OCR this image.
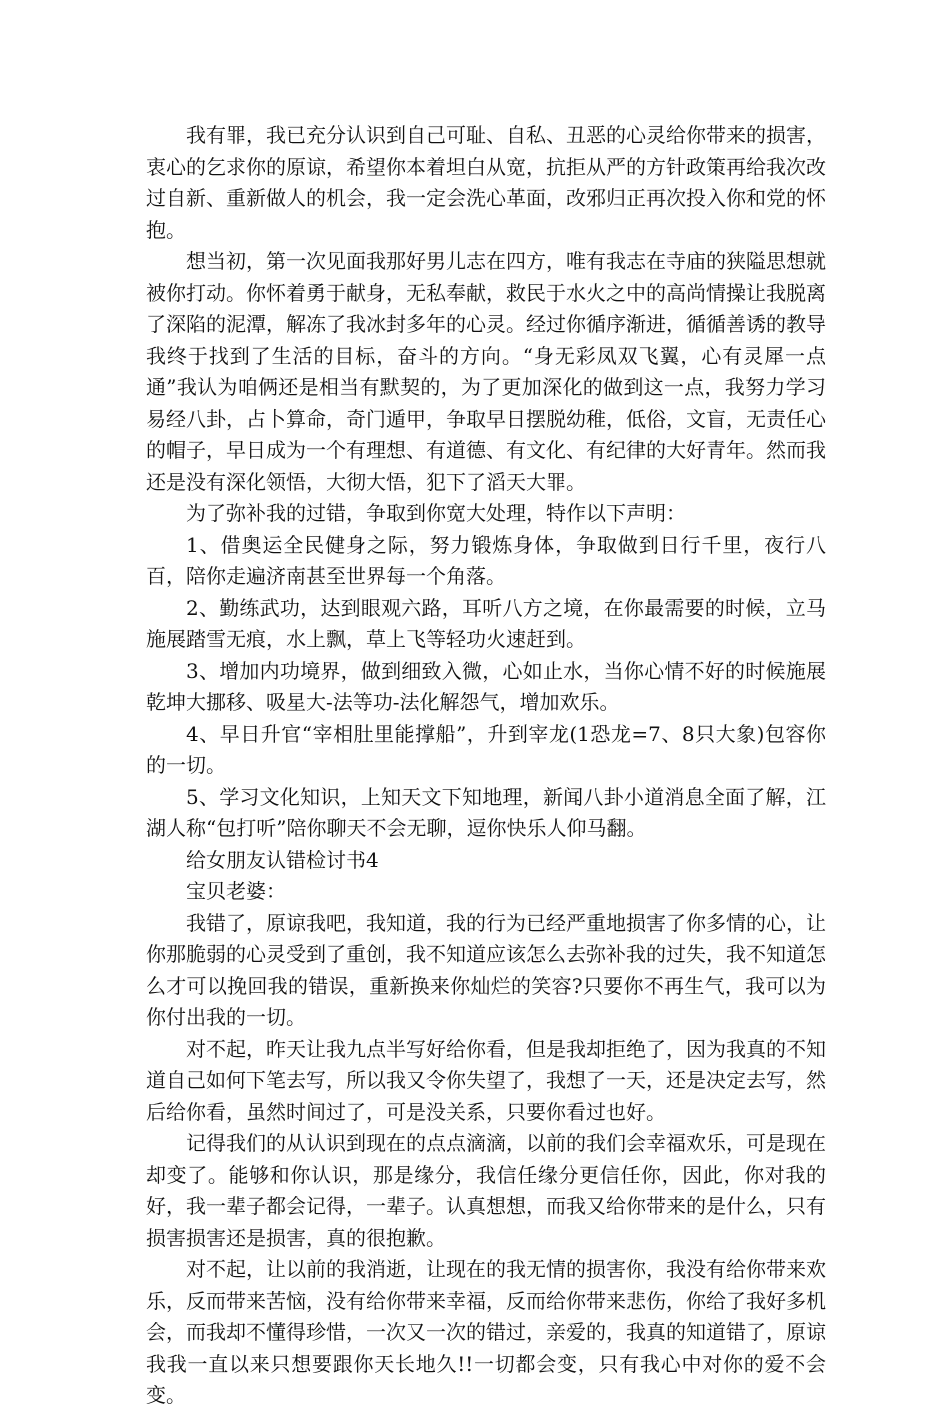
我有罪，我已充分认识到自己可耻、自私、丑恶的心灵给你带来的损害，衷心的乞求你的原谅，希望你本着坦白从宽，抗拒从严的方针政策再给我次改过自新、重新做人的机会，我一定会洗心革面，改邪归正再次投入你和党的怀抱。

想当初，第一次见面我那好男儿志在四方，唯有我志在寺庙的狭隘思想就被你打动。你怀着勇于献身，无私奉献，救民于水火之中的高尚情操让我脱离了深陷的泥潭，解冻了我冰封多年的心灵。经过你循序渐进，循循善诱的教导我终于找到了生活的目标，奋斗的方向。“身无彩凤双飞翼，心有灵犀一点通”我认为咱俩还是相当有默契的，为了更加深化的做到这一点，我努力学习易经八卦，占卜算命，奇门遁甲，争取早日摆脱幼稚，低俗，文盲，无责任心的帽子，早日成为一个有理想、有道德、有文化、有纪律的大好青年。然而我还是没有深化领悟，大彻大悟，犯下了滔天大罪。

为了弥补我的过错，争取到你宽大处理，特作以下声明：

1、借奥运全民健身之际，努力锻炼身体，争取做到日行千里，夜行八百，陪你走遍济南甚至世界每一个角落。

2、勤练武功，达到眼观六路，耳听八方之境，在你最需要的时候，立马施展踏雪无痕，水上飘，草上飞等轻功火速赶到。

3、增加内功境界，做到细致入微，心如止水，当你心情不好的时候施展乾坤大挪移、吸星大-法等功-法化解怨气，增加欢乐。

4、早日升官“宰相肚里能撑船”，升到宰龙(1恐龙=7、8只大象)包容你的一切。

5、学习文化知识，上知天文下知地理，新闻八卦小道消息全面了解，江湖人称“包打听”陪你聊天不会无聊，逗你快乐人仰马翻。

给女朋友认错检讨书4

宝贝老婆：

我错了，原谅我吧，我知道，我的行为已经严重地损害了你多情的心，让你那脆弱的心灵受到了重创，我不知道应该怎么去弥补我的过失，我不知道怎么才可以挽回我的错误，重新换来你灿烂的笑容?只要你不再生气，我可以为你付出我的一切。

对不起，昨天让我九点半写好给你看，但是我却拒绝了，因为我真的不知道自己如何下笔去写，所以我又令你失望了，我想了一天，还是决定去写，然后给你看，虽然时间过了，可是没关系，只要你看过也好。

记得我们的从认识到现在的点点滴滴，以前的我们会幸福欢乐，可是现在却变了。能够和你认识，那是缘分，我信任缘分更信任你，因此，你对我的好，我一辈子都会记得，一辈子。认真想想，而我又给你带来的是什么，只有损害损害还是损害，真的很抱歉。

对不起，让以前的我消逝，让现在的我无情的损害你，我没有给你带来欢乐，反而带来苦恼，没有给你带来幸福，反而给你带来悲伤，你给了我好多机会，而我却不懂得珍惜，一次又一次的错过，亲爱的，我真的知道错了，原谅我我一直以来只想要跟你天长地久!!一切都会变，只有我心中对你的爱不会变。
